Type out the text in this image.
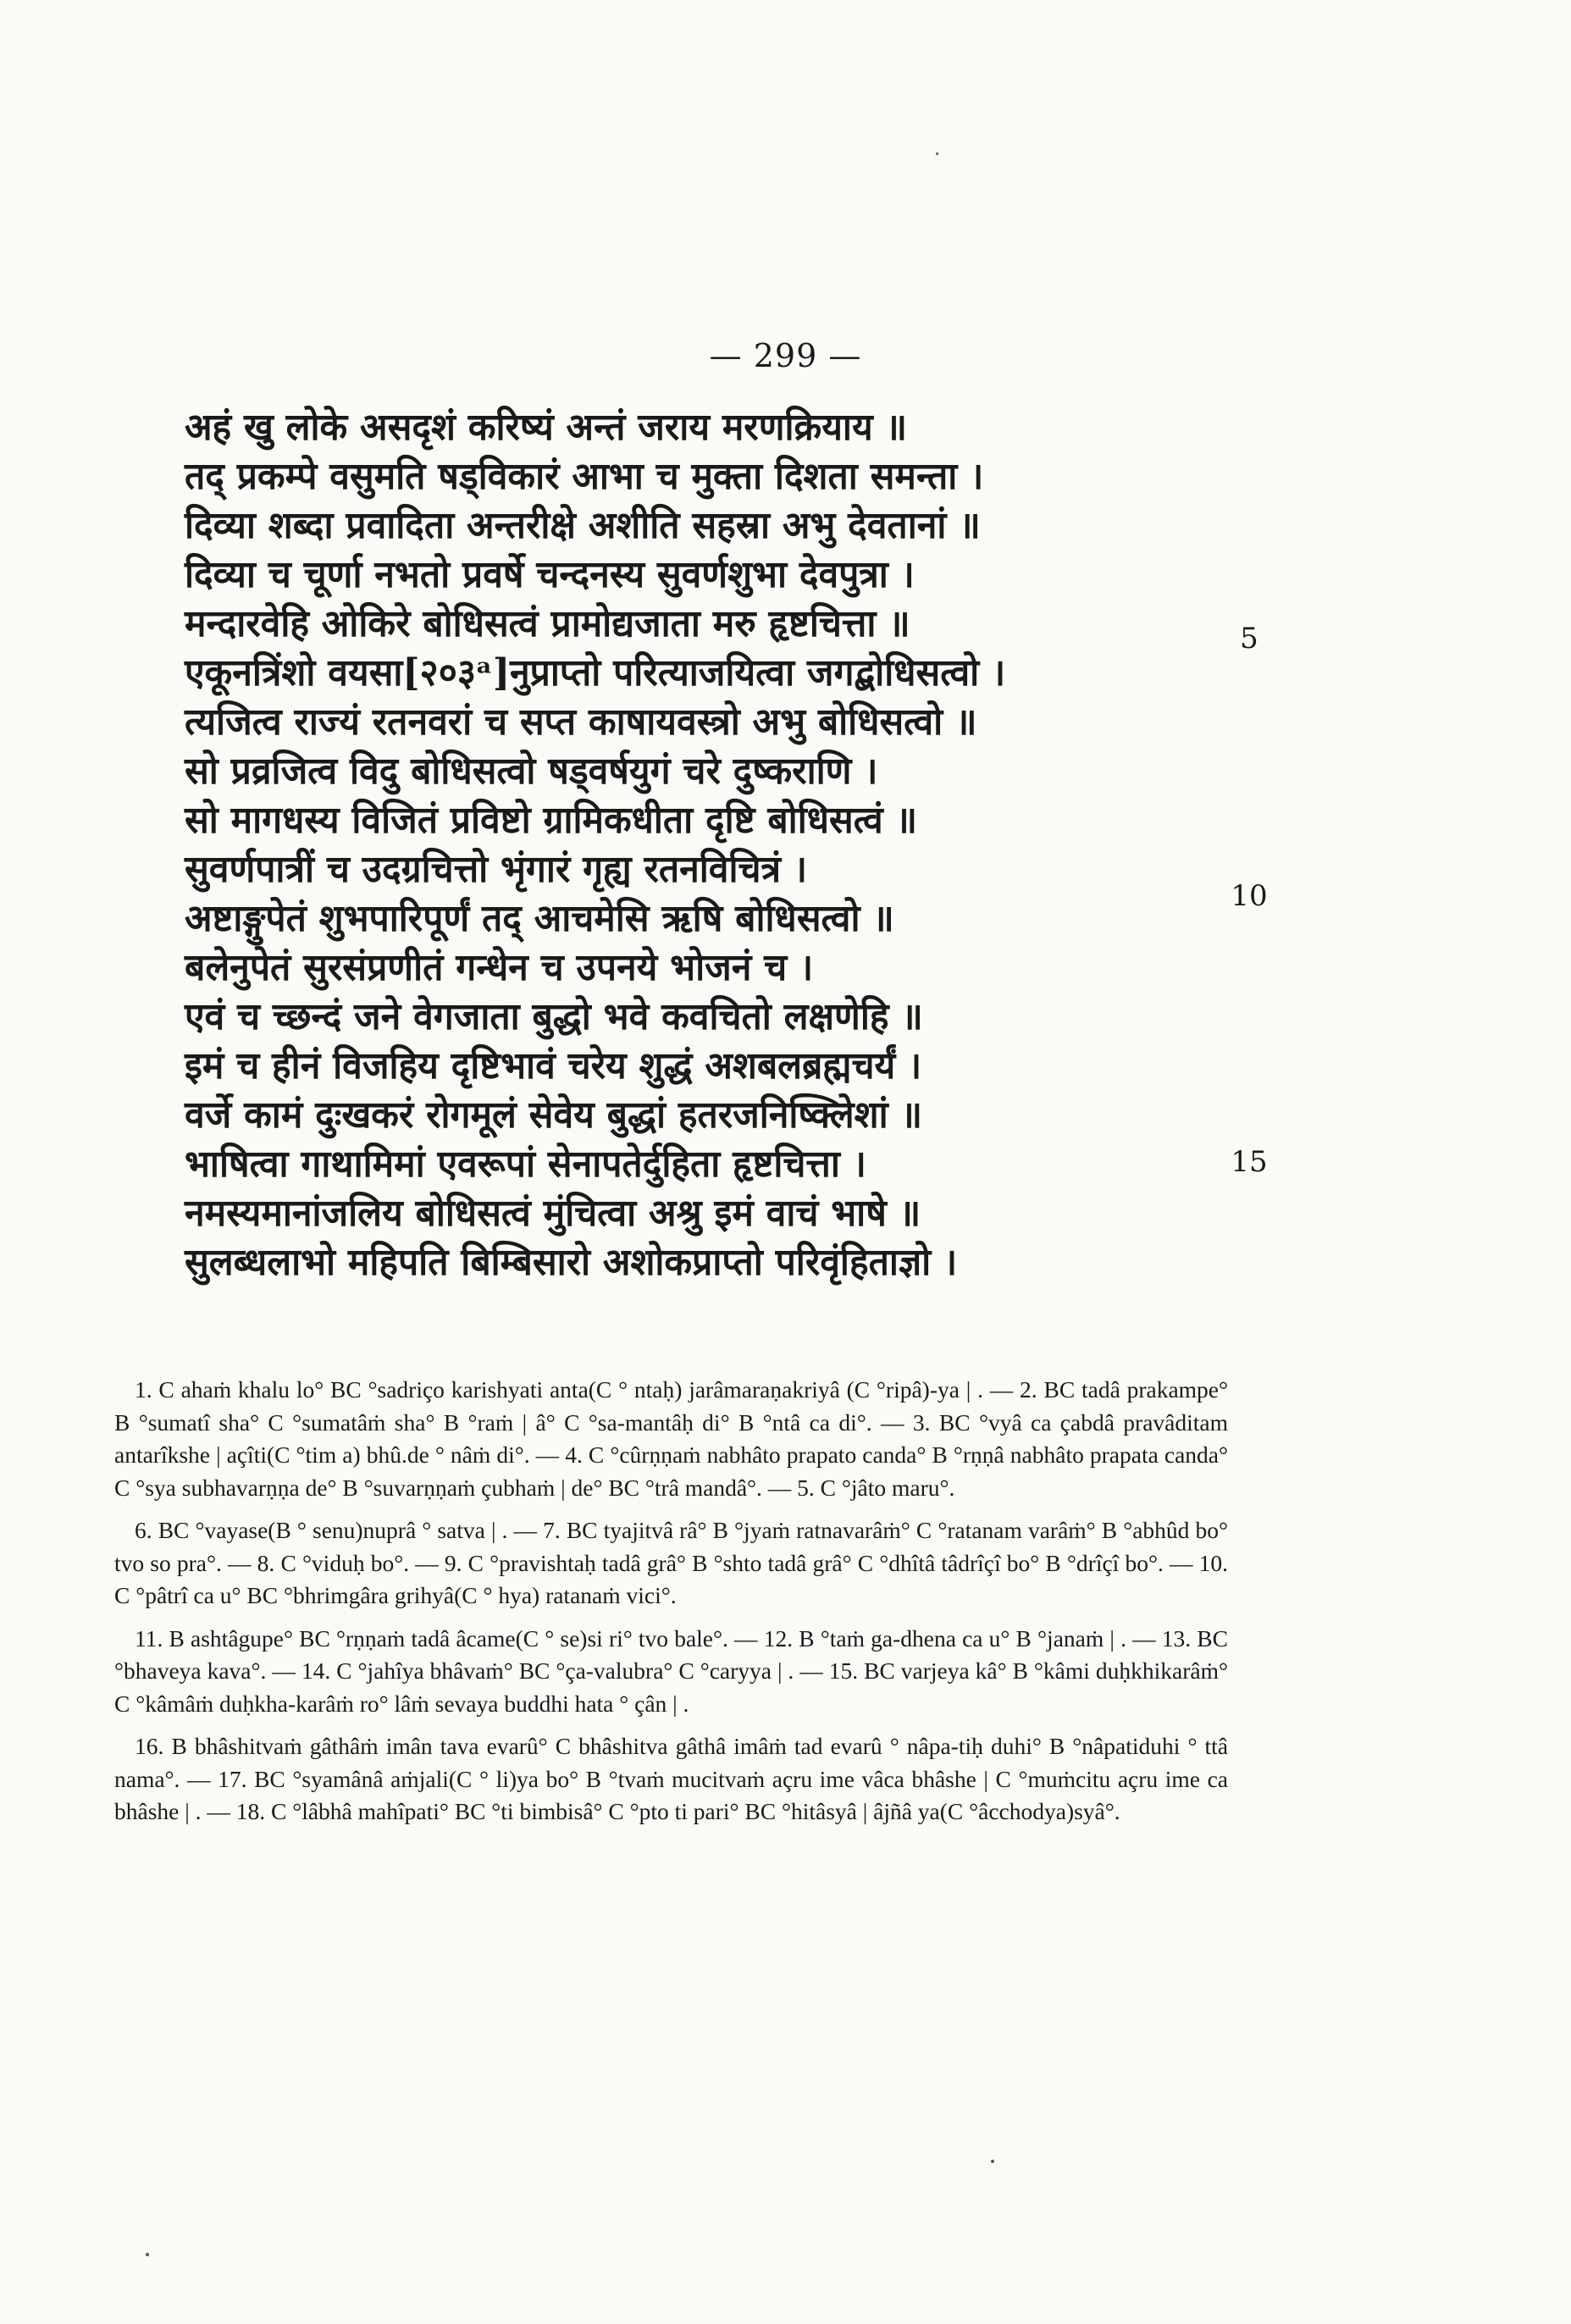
— 299 —
अहं खु लोके असदृशं करिष्यं अन्तं जराय मरणक्रियाय ॥
तद् प्रकम्पे वसुमति षड्विकारं आभा च मुक्ता दिशता समन्ता ।
दिव्या शब्दा प्रवादिता अन्तरीक्षे अशीति सहस्रा अभु देवतानां ॥
दिव्या च चूर्णा नभतो प्रवर्षे चन्दनस्य सुवर्णशुभा देवपुत्रा ।
मन्दारवेहि ओकिरे बोधिसत्वं प्रामोद्यजाता मरु हृष्टचित्ता ॥
एकूनत्रिंशो वयसा[२०३ᵃ]नुप्राप्तो परित्याजयित्वा जगद्बोधिसत्वो ।
त्यजित्व राज्यं रतनवरां च सप्त काषायवस्त्रो अभु बोधिसत्वो ॥
सो प्रव्रजित्व विदु बोधिसत्वो षड्वर्षयुगं चरे दुष्कराणि ।
सो मागधस्य विजितं प्रविष्टो ग्रामिकधीता दृष्टि बोधिसत्वं ॥
सुवर्णपात्रीं च उदग्रचित्तो भृंगारं गृह्य रतनविचित्रं ।
अष्टाङ्गुपेतं शुभपारिपूर्णं तद् आचमेसि ऋषि बोधिसत्वो ॥
बलेनुपेतं सुरसंप्रणीतं गन्धेन च उपनये भोजनं च ।
एवं च च्छन्दं जने वेगजाता बुद्धो भवे कवचितो लक्षणेहि ॥
इमं च हीनं विजहिय दृष्टिभावं चरेय शुद्धं अशबलब्रह्मचर्यं ।
वर्जे कामं दुःखकरं रोगमूलं सेवेय बुद्धां हतरजनिष्क्लिेशां ॥
भाषित्वा गाथामिमां एवरूपां सेनापतेर्दुहिता हृष्टचित्ता ।
नमस्यमानांजलिय बोधिसत्वं मुंचित्वा अश्रु इमं वाचं भाषे ॥
सुलब्धलाभो महिपति बिम्बिसारो अशोकप्राप्तो परिवृंहिताज्ञो ।
5
10
15

1. C ahaṁ khalu lo° BC °sadriço karishyati anta(C ° ntaḥ) jarâmaraṇakriyâ (C °ripâ)-ya | . — 2. BC tadâ prakampe° B °sumatî sha° C °sumatâṁ sha° B °raṁ | â° C °sa-mantâḥ di° B °ntâ ca di°. — 3. BC °vyâ ca çabdâ pravâditam antarîkshe | açîti(C °tim a) bhû.de ° nâṁ di°. — 4. C °cûrṇṇaṁ nabhâto prapato canda° B °rṇṇâ nabhâto prapata canda° C °sya subhavarṇṇa de° B °suvarṇṇaṁ çubhaṁ | de° BC °trâ mandâ°. — 5. C °jâto maru°.

6. BC °vayase(B ° senu)nuprâ ° satva | . — 7. BC tyajitvâ râ° B °jyaṁ ratnavarâṁ° C °ratanam varâṁ° B °abhûd bo° tvo so pra°. — 8. C °viduḥ bo°. — 9. C °pravishtaḥ tadâ grâ° B °shto tadâ grâ° C °dhîtâ tâdrîçî bo° B °drîçî bo°. — 10. C °pâtrî ca u° BC °bhrimgâra grihyâ(C ° hya) ratanaṁ vici°.

11. B ashtâgupe° BC °rṇṇaṁ tadâ âcame(C ° se)si ri° tvo bale°. — 12. B °taṁ ga-dhena ca u° B °janaṁ | . — 13. BC °bhaveya kava°. — 14. C °jahîya bhâvaṁ° BC °ça-valubra° C °caryya | . — 15. BC varjeya kâ° B °kâmi duḥkhikarâṁ° C °kâmâṁ duḥkha-karâṁ ro° lâṁ sevaya buddhi hata ° çân | .

16. B bhâshitvaṁ gâthâṁ imân tava evarû° C bhâshitva gâthâ imâṁ tad evarû ° nâpa-tiḥ duhi° B °nâpatiduhi ° ttâ nama°. — 17. BC °syamânâ aṁjali(C ° li)ya bo° B °tvaṁ mucitvaṁ açru ime vâca bhâshe | C °muṁcitu açru ime ca bhâshe | . — 18. C °lâbhâ mahîpati° BC °ti bimbisâ° C °pto ti pari° BC °hitâsyâ | âjñâ ya(C °âcchodya)syâ°.
